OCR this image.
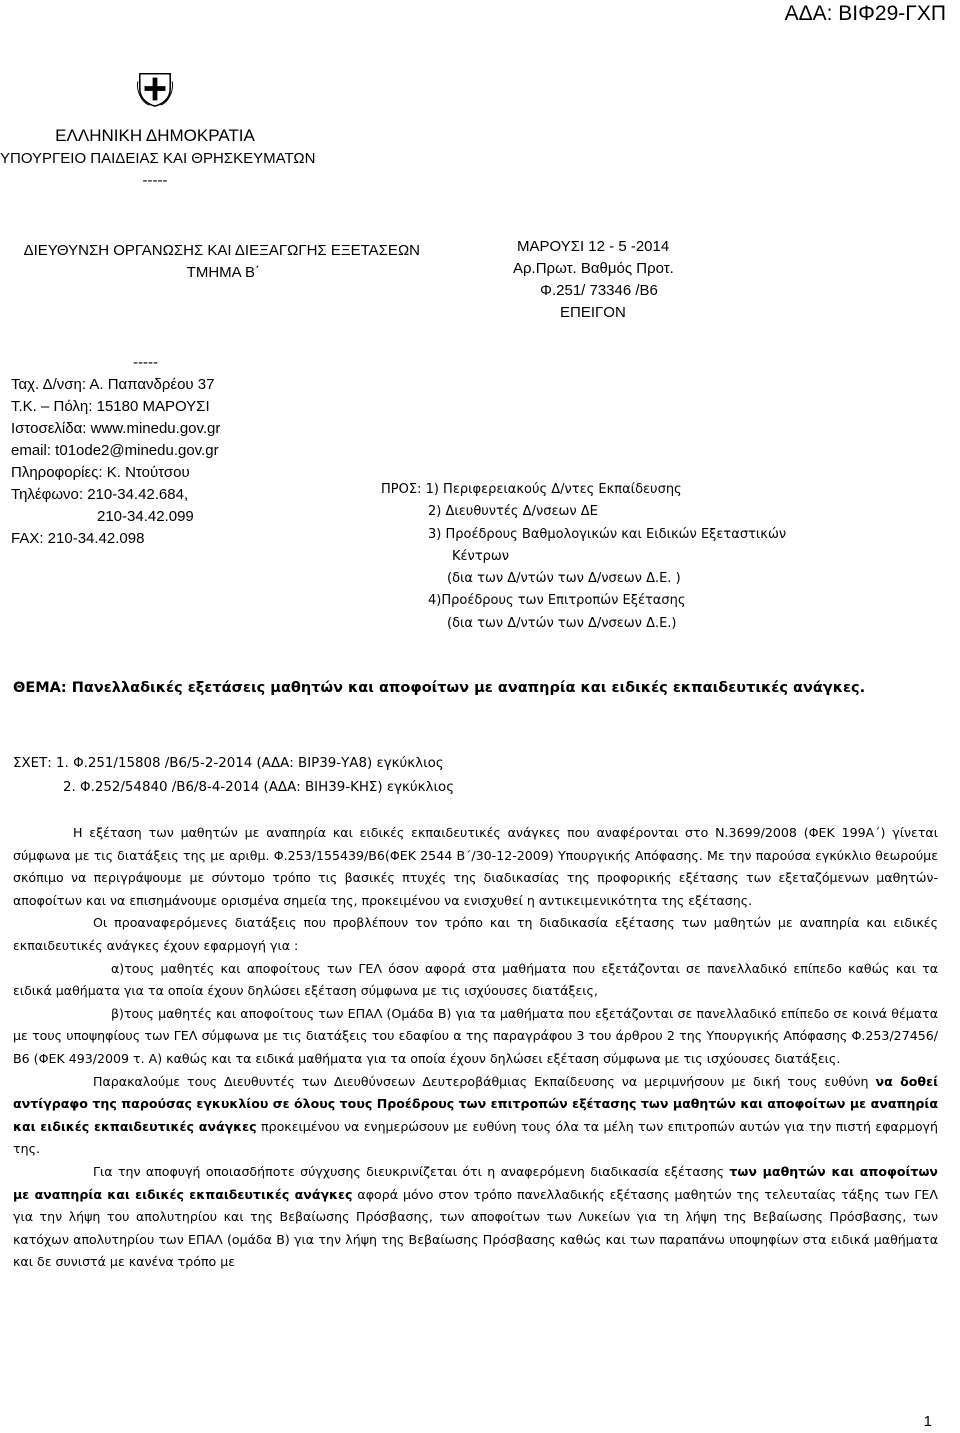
ΑΔΑ: ΒΙΦ29-ΓΧΠ
ΕΛΛΗΝΙΚΗ ΔΗΜΟΚΡΑΤΙΑ
ΥΠΟΥΡΓΕΙΟ ΠΑΙΔΕΙΑΣ ΚΑΙ ΘΡΗΣΚΕΥΜΑΤΩΝ
-----
ΔΙΕΥΘΥΝΣΗ ΟΡΓΑΝΩΣΗΣ ΚΑΙ ΔΙΕΞΑΓΩΓΗΣ ΕΞΕΤΑΣΕΩΝ
ΤΜΗΜΑ Β΄
ΜΑΡΟΥΣΙ 12 - 5 -2014
Αρ.Πρωτ. Βαθμός Προτ.
Φ.251/ 73346 /Β6
ΕΠΕΙΓΟΝ
-----
Ταχ. Δ/νση: Α. Παπανδρέου 37
Τ.Κ. – Πόλη: 15180 ΜΑΡΟΥΣΙ
Ιστοσελίδα: www.minedu.gov.gr
email: t01ode2@minedu.gov.gr
Πληροφορίες: Κ. Ντούτσου
Τηλέφωνο: 210-34.42.684,
210-34.42.099
FAX: 210-34.42.098
ΠΡΟΣ: 1) Περιφερειακούς Δ/ντες Εκπαίδευσης
2) Διευθυντές Δ/νσεων ΔΕ
3) Προέδρους Βαθμολογικών και Ειδικών Εξεταστικών
Κέντρων
(δια των Δ/ντών των Δ/νσεων Δ.Ε. )
4)Προέδρους των Επιτροπών Εξέτασης
(δια των Δ/ντών των Δ/νσεων Δ.Ε.)
ΘΕΜΑ: Πανελλαδικές εξετάσεις μαθητών και αποφοίτων με αναπηρία και ειδικές εκπαιδευτικές ανάγκες.
ΣΧΕΤ: 1. Φ.251/15808 /Β6/5-2-2014 (ΑΔΑ: ΒΙΡ39-ΥΑ8) εγκύκλιος
2. Φ.252/54840 /Β6/8-4-2014 (ΑΔΑ: ΒΙΗ39-ΚΗΣ) εγκύκλιος

Η εξέταση των μαθητών με αναπηρία και ειδικές εκπαιδευτικές ανάγκες που αναφέρονται στο Ν.3699/2008 (ΦΕΚ 199Α΄) γίνεται σύμφωνα με τις διατάξεις της με αριθμ. Φ.253/155439/Β6(ΦΕΚ 2544 Β΄/30-12-2009) Υπουργικής Απόφασης. Με την παρούσα εγκύκλιο θεωρούμε σκόπιμο να περιγράψουμε με σύντομο τρόπο τις βασικές πτυχές της διαδικασίας της προφορικής εξέτασης των εξεταζόμενων μαθητών-αποφοίτων και να επισημάνουμε ορισμένα σημεία της, προκειμένου να ενισχυθεί η αντικειμενικότητα της εξέτασης.

Οι προαναφερόμενες διατάξεις που προβλέπουν τον τρόπο και τη διαδικασία εξέτασης των μαθητών με αναπηρία και ειδικές εκπαιδευτικές ανάγκες έχουν εφαρμογή για :

α)τους μαθητές και αποφοίτους των ΓΕΛ όσον αφορά στα μαθήματα που εξετάζονται σε πανελλαδικό επίπεδο καθώς και τα ειδικά μαθήματα για τα οποία έχουν δηλώσει εξέταση σύμφωνα με τις ισχύουσες διατάξεις,

β)τους μαθητές και αποφοίτους των ΕΠΑΛ (Ομάδα Β) για τα μαθήματα που εξετάζονται σε πανελλαδικό επίπεδο σε κοινά θέματα με τους υποψηφίους των ΓΕΛ σύμφωνα με τις διατάξεις του εδαφίου α της παραγράφου 3 του άρθρου 2 της Υπουργικής Απόφασης Φ.253/27456/Β6 (ΦΕΚ 493/2009 τ. Α) καθώς και τα ειδικά μαθήματα για τα οποία έχουν δηλώσει εξέταση σύμφωνα με τις ισχύουσες διατάξεις.

Παρακαλούμε τους Διευθυντές των Διευθύνσεων Δευτεροβάθμιας Εκπαίδευσης να μεριμνήσουν με δική τους ευθύνη να δοθεί αντίγραφο της παρούσας εγκυκλίου σε όλους τους Προέδρους των επιτροπών εξέτασης των μαθητών και αποφοίτων με αναπηρία και ειδικές εκπαιδευτικές ανάγκες προκειμένου να ενημερώσουν με ευθύνη τους όλα τα μέλη των επιτροπών αυτών για την πιστή εφαρμογή της.

Για την αποφυγή οποιασδήποτε σύγχυσης διευκρινίζεται ότι η αναφερόμενη διαδικασία εξέτασης των μαθητών και αποφοίτων με αναπηρία και ειδικές εκπαιδευτικές ανάγκες αφορά μόνο στον τρόπο πανελλαδικής εξέτασης μαθητών της τελευταίας τάξης των ΓΕΛ για την λήψη του απολυτηρίου και της Βεβαίωσης Πρόσβασης, των αποφοίτων των Λυκείων για τη λήψη της Βεβαίωσης Πρόσβασης, των κατόχων απολυτηρίου των ΕΠΑΛ (ομάδα Β) για την λήψη της Βεβαίωσης Πρόσβασης καθώς και των παραπάνω υποψηφίων στα ειδικά μαθήματα και δε συνιστά με κανένα τρόπο με

1
